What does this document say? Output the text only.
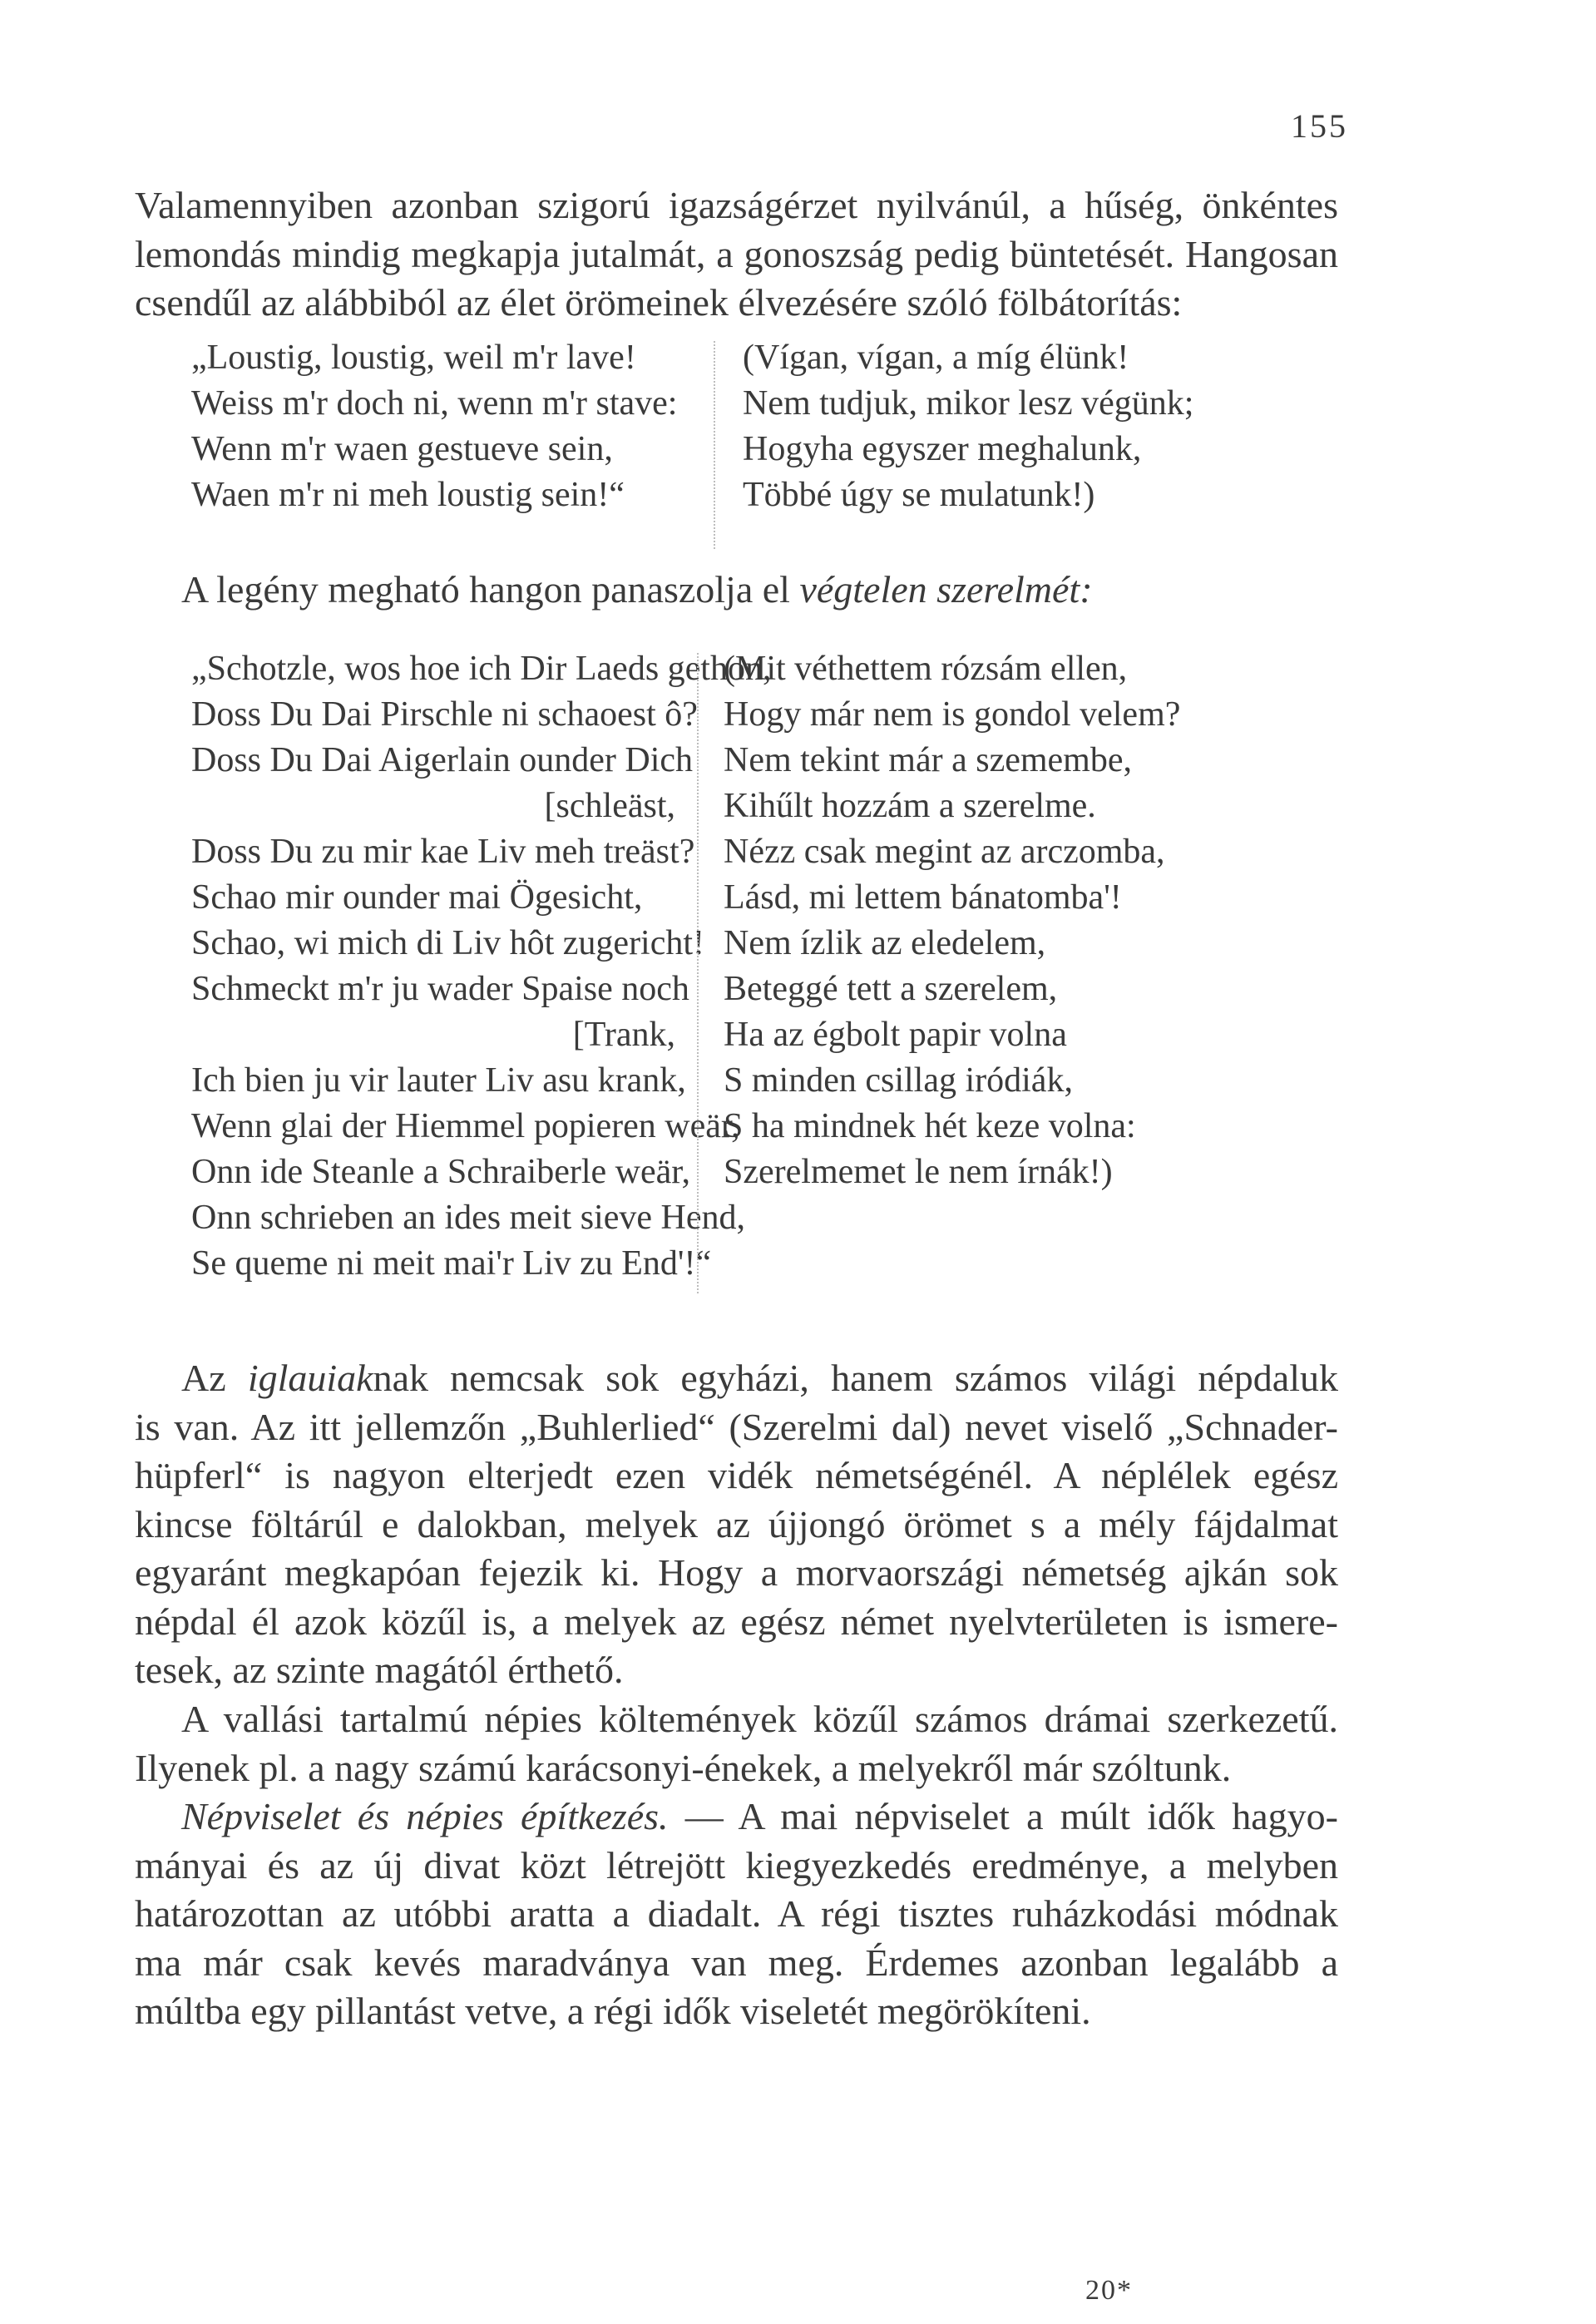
155

Valamennyiben azonban szigorú igazságérzet nyilvánúl, a hűség, önkéntes
lemondás mindig megkapja jutalmát, a gonoszság pedig büntetését. Hangosan
csendűl az alábbiból az élet örömeinek élvezésére szóló fölbátorítás:

„Loustig, loustig, weil m'r lave!
Weiss m'r doch ni, wenn m'r stave:
Wenn m'r waen gestueve sein,
Waen m'r ni meh loustig sein!“
(Vígan, vígan, a míg élünk!
Nem tudjuk, mikor lesz végünk;
Hogyha egyszer meghalunk,
Többé úgy se mulatunk!)

A legény megható hangon panaszolja el végtelen szerelmét:

„Schotzle, wos hoe ich Dir Laeds gethon,
Doss Du Dai Pirschle ni schaoest ô?
Doss Du Dai Aigerlain ounder Dich
[schleäst,
Doss Du zu mir kae Liv meh treäst?
Schao mir ounder mai Ögesicht,
Schao, wi mich di Liv hôt zugericht!
Schmeckt m'r ju wader Spaise noch
[Trank,
Ich bien ju vir lauter Liv asu krank,
Wenn glai der Hiemmel popieren weär,
Onn ide Steanle a Schraiberle weär,
Onn schrieben an ides meit sieve Hend,
Se queme ni meit mai'r Liv zu End'!“
(Mit véthettem rózsám ellen,
Hogy már nem is gondol velem?
Nem tekint már a szemembe,
Kihűlt hozzám a szerelme.
Nézz csak megint az arczomba,
Lásd, mi lettem bánatomba'!
Nem ízlik az eledelem,
Beteggé tett a szerelem,
Ha az égbolt papir volna
S minden csillag iródiák,
S ha mindnek hét keze volna:
Szerelmemet le nem írnák!)

Az iglauiaknak nemcsak sok egyházi, hanem számos világi népdaluk
is van. Az itt jellemzőn „Buhlerlied“ (Szerelmi dal) nevet viselő „Schnader-
hüpferl“ is nagyon elterjedt ezen vidék németségénél. A néplélek egész
kincse föltárúl e dalokban, melyek az újjongó örömet s a mély fájdalmat
egyaránt megkapóan fejezik ki. Hogy a morvaországi németség ajkán sok
népdal él azok közűl is, a melyek az egész német nyelvterületen is ismere-
tesek, az szinte magától érthető.

A vallási tartalmú népies költemények közűl számos drámai szerkezetű.
Ilyenek pl. a nagy számú karácsonyi-énekek, a melyekről már szóltunk.

Népviselet és népies építkezés. — A mai népviselet a múlt idők hagyo-
mányai és az új divat közt létrejött kiegyezkedés eredménye, a melyben
határozottan az utóbbi aratta a diadalt. A régi tisztes ruházkodási módnak
ma már csak kevés maradványa van meg. Érdemes azonban legalább a
múltba egy pillantást vetve, a régi idők viseletét megörökíteni.

20*
